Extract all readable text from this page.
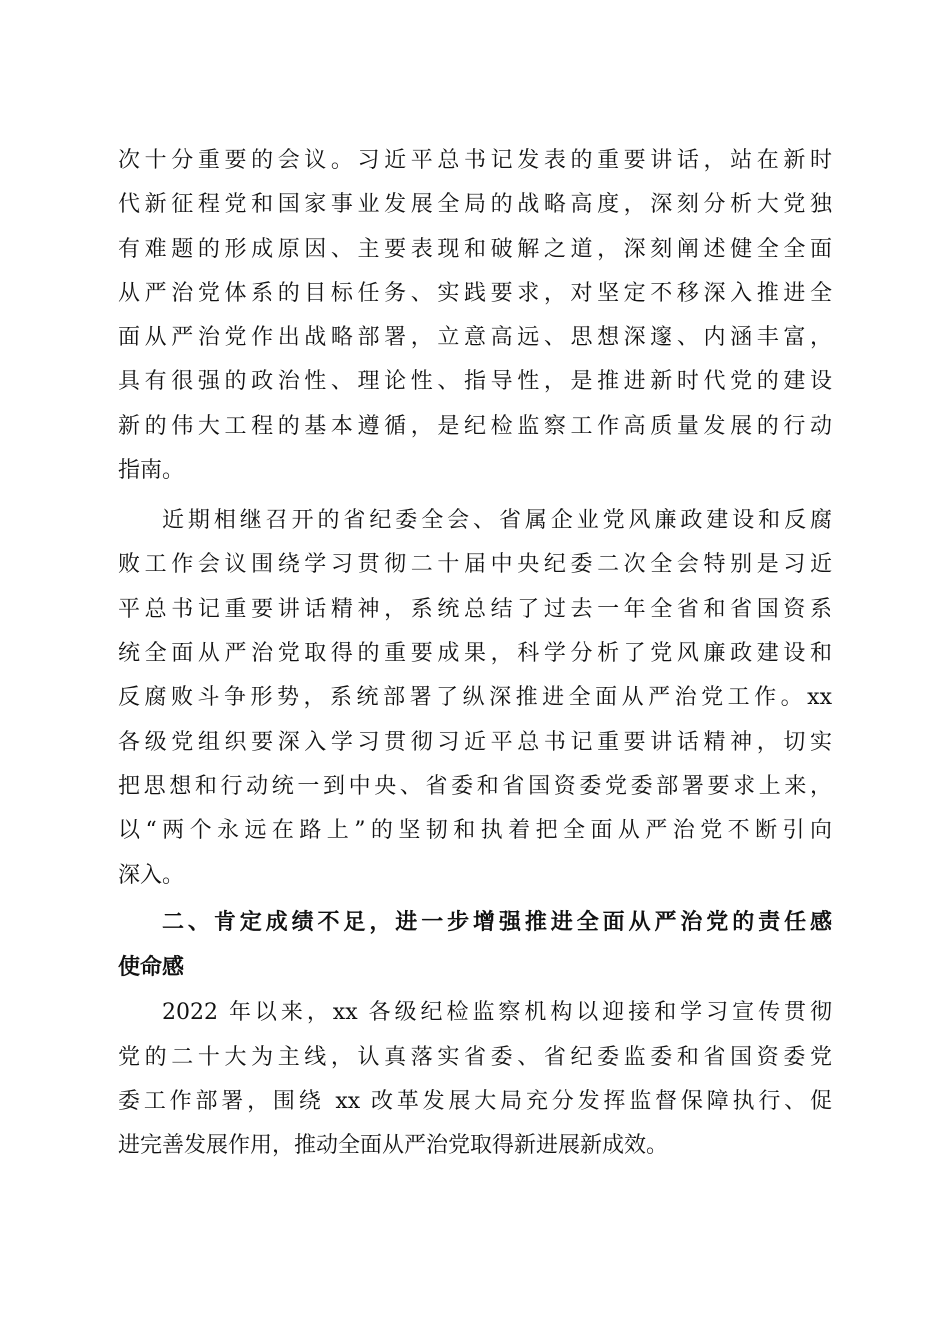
次十分重要的会议。习近平总书记发表的重要讲话，站在新时
代新征程党和国家事业发展全局的战略高度，深刻分析大党独
有难题的形成原因、主要表现和破解之道，深刻阐述健全全面
从严治党体系的目标任务、实践要求，对坚定不移深入推进全
面从严治党作出战略部署，立意高远、思想深邃、内涵丰富，
具有很强的政治性、理论性、指导性，是推进新时代党的建设
新的伟大工程的基本遵循，是纪检监察工作高质量发展的行动
指南。
近期相继召开的省纪委全会、省属企业党风廉政建设和反腐
败工作会议围绕学习贯彻二十届中央纪委二次全会特别是习近
平总书记重要讲话精神，系统总结了过去一年全省和省国资系
统全面从严治党取得的重要成果，科学分析了党风廉政建设和
反腐败斗争形势，系统部署了纵深推进全面从严治党工作。xx
各级党组织要深入学习贯彻习近平总书记重要讲话精神，切实
把思想和行动统一到中央、省委和省国资委党委部署要求上来，
以“两个永远在路上”的坚韧和执着把全面从严治党不断引向
深入。
二、肯定成绩不足，进一步增强推进全面从严治党的责任感
使命感
2022 年以来，xx 各级纪检监察机构以迎接和学习宣传贯彻
党的二十大为主线，认真落实省委、省纪委监委和省国资委党
委工作部署，围绕 xx 改革发展大局充分发挥监督保障执行、促
进完善发展作用，推动全面从严治党取得新进展新成效。
